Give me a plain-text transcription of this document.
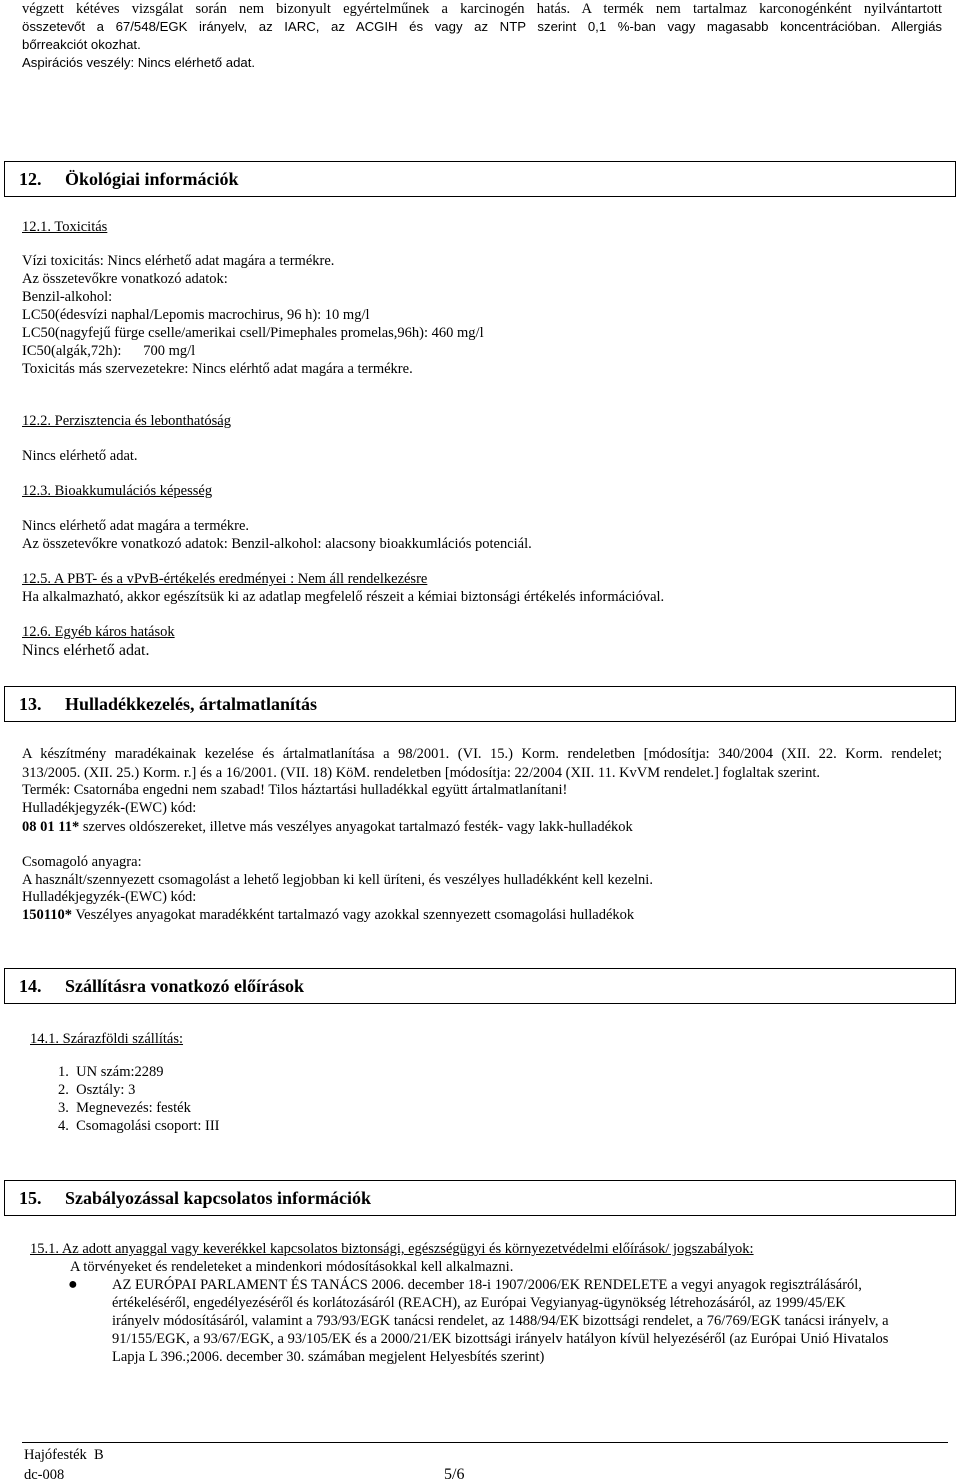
végzett kétéves vizsgálat során nem bizonyult egyértelműnek a karcinogén hatás. A termék nem tartalmaz karconogénként nyilvántartott
összetevőt a 67/548/EGK irányelv, az IARC, az ACGIH és vagy az NTP szerint 0,1 %-ban vagy magasabb koncentrációban. Allergiás
bőrreakciót okozhat.
Aspirációs veszély: Nincs elérhető adat.
12. Ökológiai információk
12.1. Toxicitás
Vízi toxicitás: Nincs elérhető adat magára a termékre.
Az összetevőkre vonatkozó adatok:
Benzil-alkohol:
LC50(édesvízi naphal/Lepomis macrochirus, 96 h): 10 mg/l
LC50(nagyfejű fürge cselle/amerikai csell/Pimephales promelas,96h): 460 mg/l
IC50(algák,72h):      700 mg/l
Toxicitás más szervezetekre: Nincs elérhtő adat magára a termékre.
12.2. Perzisztencia és lebonthatóság
Nincs elérhető adat.
12.3. Bioakkumulációs képesség
Nincs elérhető adat magára a termékre.
Az összetevőkre vonatkozó adatok: Benzil-alkohol: alacsony bioakkumlációs potenciál.
12.5. A PBT- és a vPvB-értékelés eredményei : Nem áll rendelkezésre
Ha alkalmazható, akkor egészítsük ki az adatlap megfelelő részeit a kémiai biztonsági értékelés információval.
12.6. Egyéb káros hatások
Nincs elérhető adat.
13. Hulladékkezelés, ártalmatlanítás
A készítmény maradékainak kezelése és ártalmatlanítása a 98/2001. (VI. 15.) Korm. rendeletben [módosítja: 340/2004 (XII. 22. Korm. rendelet;
313/2005. (XII. 25.) Korm. r.] és a 16/2001. (VII. 18) KöM. rendeletben [módosítja: 22/2004 (XII. 11. KvVM rendelet.] foglaltak szerint.
Termék: Csatornába engedni nem szabad! Tilos háztartási hulladékkal együtt ártalmatlanítani!
Hulladékjegyzék-(EWC) kód:
08 01 11* szerves oldószereket, illetve más veszélyes anyagokat tartalmazó festék- vagy lakk-hulladékok
Csomagoló anyagra:
A használt/szennyezett csomagolást a lehető legjobban ki kell üríteni, és veszélyes hulladékként kell kezelni.
Hulladékjegyzék-(EWC) kód:
150110* Veszélyes anyagokat maradékként tartalmazó vagy azokkal szennyezett csomagolási hulladékok
14. Szállításra vonatkozó előírások
14.1. Szárazföldi szállítás:
1.  UN szám:2289
2.  Osztály: 3
3.  Megnevezés: festék
4.  Csomagolási csoport: III
15. Szabályozással kapcsolatos információk
15.1. Az adott anyaggal vagy keverékkel kapcsolatos biztonsági, egészségügyi és környezetvédelmi előírások/ jogszabályok:
A törvényeket és rendeleteket a mindenkori módosításokkal kell alkalmazni.
● AZ EURÓPAI PARLAMENT ÉS TANÁCS 2006. december 18-i 1907/2006/EK RENDELETE a vegyi anyagok regisztrálásáról,
értékeléséről, engedélyezéséről és korlátozásáról (REACH), az Európai Vegyianyag-ügynökség létrehozásáról, az 1999/45/EK
irányelv módosításáról, valamint a 793/93/EGK tanácsi rendelet, az 1488/94/EK bizottsági rendelet, a 76/769/EGK tanácsi irányelv, a
91/155/EGK, a 93/67/EGK, a 93/105/EK és a 2000/21/EK bizottsági irányelv hatályon kívül helyezéséről (az Európai Unió Hivatalos
Lapja L 396.;2006. december 30. számában megjelent Helyesbítés szerint)
Hajófesték  B
dc-008	5/6
